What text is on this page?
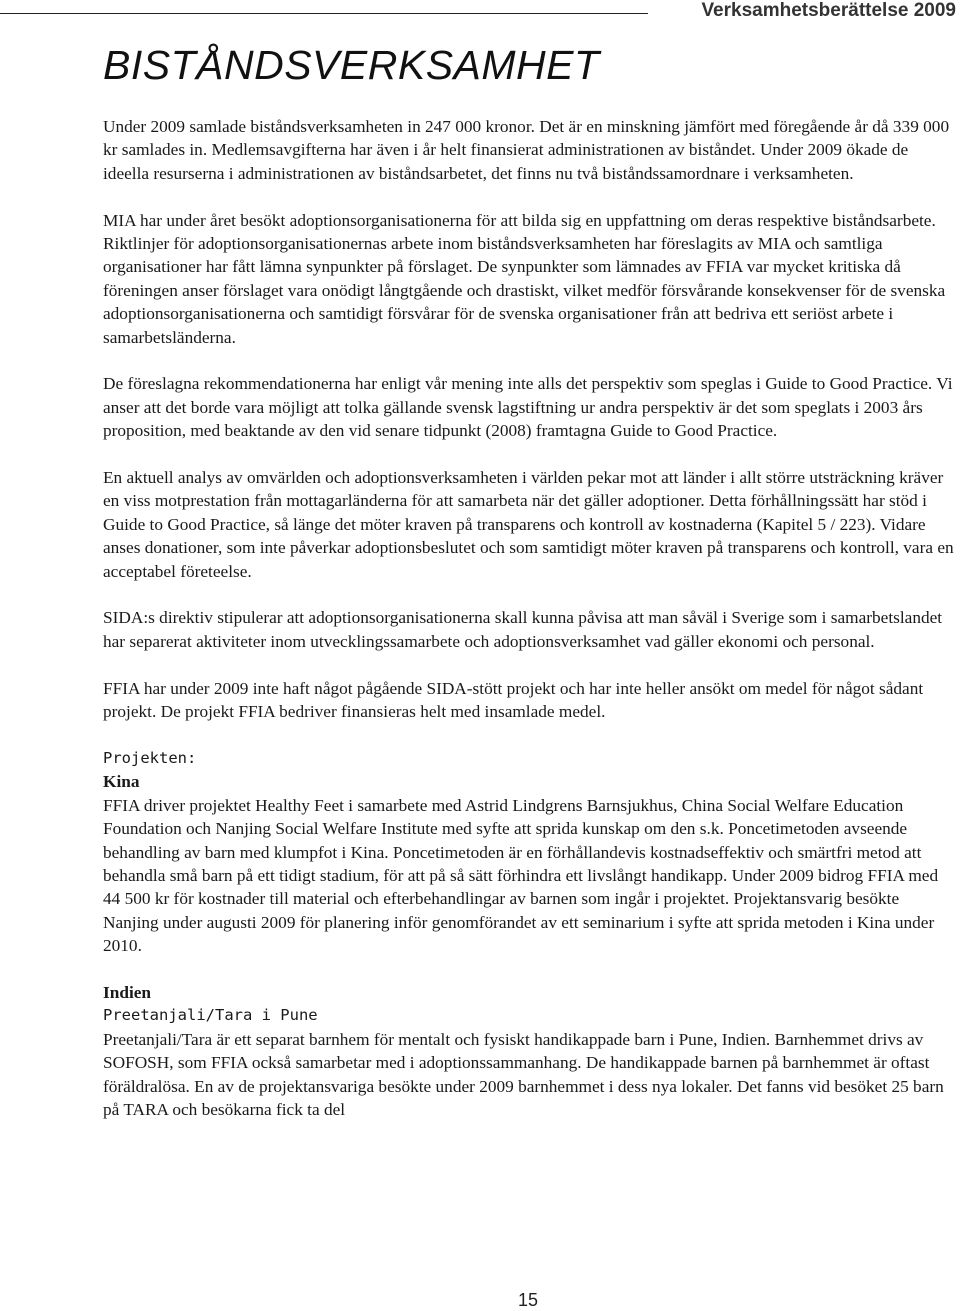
Verksamhetsberättelse 2009
BISTÅNDSVERKSAMHET

Under 2009 samlade biståndsverksamheten in 247 000 kronor. Det är en minskning jämfört med föregående år då 339 000 kr samlades in. Medlemsavgifterna har även i år helt finansierat administrationen av biståndet. Under 2009 ökade de ideella resurserna i administrationen av biståndsarbetet, det finns nu två biståndssamordnare i verksamheten.

MIA har under året besökt adoptionsorganisationerna för att bilda sig en uppfattning om deras respektive biståndsarbete. Riktlinjer för adoptionsorganisationernas arbete inom biståndsverksamheten har föreslagits av MIA och samtliga organisationer har fått lämna synpunkter på förslaget. De synpunkter som lämnades av FFIA var mycket kritiska då föreningen anser förslaget vara onödigt långtgående och drastiskt, vilket medför försvårande konsekvenser för de svenska adoptionsorganisationerna och samtidigt försvårar för de svenska organisationer från att bedriva ett seriöst arbete i samarbetsländerna.

De föreslagna rekommendationerna har enligt vår mening inte alls det perspektiv som speglas i Guide to Good Practice. Vi anser att det borde vara möjligt att tolka gällande svensk lagstiftning ur andra perspektiv är det som speglats i 2003 års proposition, med beaktande av den vid senare tidpunkt (2008) framtagna Guide to Good Practice.

En aktuell analys av omvärlden och adoptionsverksamheten i världen pekar mot att länder i allt större utsträckning kräver en viss motprestation från mottagarländerna för att samarbeta när det gäller adoptioner. Detta förhållningssätt har stöd i Guide to Good Practice, så länge det möter kraven på transparens och kontroll av kostnaderna (Kapitel 5 / 223). Vidare anses donationer, som inte påverkar adoptionsbeslutet och som samtidigt möter kraven på transparens och kontroll, vara en acceptabel företeelse.

SIDA:s direktiv stipulerar att adoptionsorganisationerna skall kunna påvisa att man såväl i Sverige som i samarbetslandet har separerat aktiviteter inom utvecklingssamarbete och adoptionsverksamhet vad gäller ekonomi och personal.

FFIA har under 2009 inte haft något pågående SIDA-stött projekt och har inte heller ansökt om medel för något sådant projekt. De projekt FFIA bedriver finansieras helt med insamlade medel.

Projekten:

Kina

FFIA driver projektet Healthy Feet i samarbete med Astrid Lindgrens Barnsjukhus, China Social Welfare Education Foundation och Nanjing Social Welfare Institute med syfte att sprida kunskap om den s.k. Poncetimetoden avseende behandling av barn med klumpfot i Kina. Poncetimetoden är en förhållandevis kostnadseffektiv och smärtfri metod att behandla små barn på ett tidigt stadium, för att på så sätt förhindra ett livslångt handikapp. Under 2009 bidrog FFIA med 44 500 kr för kostnader till material och efterbehandlingar av barnen som ingår i projektet. Projektansvarig besökte Nanjing under augusti 2009 för planering inför genomförandet av ett seminarium i syfte att sprida metoden i Kina under 2010.

Indien

Preetanjali/Tara i Pune

Preetanjali/Tara är ett separat barnhem för mentalt och fysiskt handikappade barn i Pune, Indien. Barnhemmet drivs av SOFOSH, som FFIA också samarbetar med i adoptionssammanhang. De handikappade barnen på barnhemmet är oftast föräldralösa. En av de projektansvariga besökte under 2009 barnhemmet i dess nya lokaler. Det fanns vid besöket 25 barn på TARA och besökarna fick ta del

15
